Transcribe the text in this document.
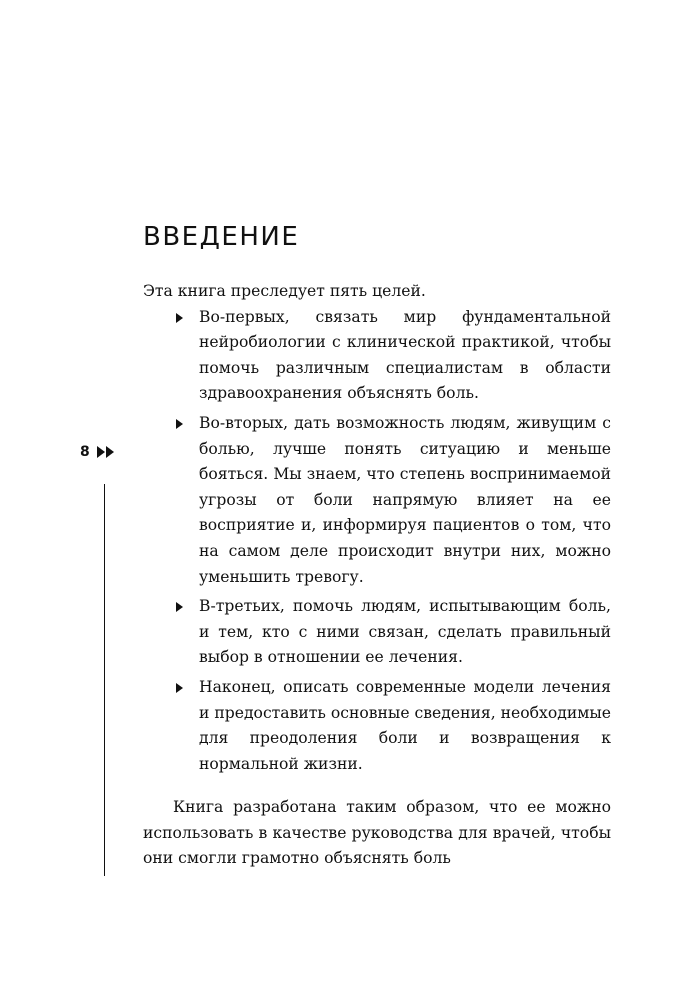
8
ВВЕДЕНИЕ

Эта книга преследует пять целей.

Во-первых, связать мир фундаментальной нейробиологии с клинической практикой, чтобы помочь различным специалистам в области здравоохранения объяснять боль.
Во-вторых, дать возможность людям, живущим с болью, лучше понять ситуацию и меньше бояться. Мы знаем, что степень воспринимаемой угрозы от боли напрямую влияет на ее восприятие и, информируя пациентов о том, что на самом деле происходит внутри них, можно уменьшить тревогу.
В-третьих, помочь людям, испытывающим боль, и тем, кто с ними связан, сделать правильный выбор в отношении ее лечения.
Наконец, описать современные модели лечения и предоставить основные сведения, необходимые для преодоления боли и возвращения к нормальной жизни.

Книга разработана таким образом, что ее можно использовать в качестве руководства для врачей, чтобы они смогли грамотно объяснять боль
